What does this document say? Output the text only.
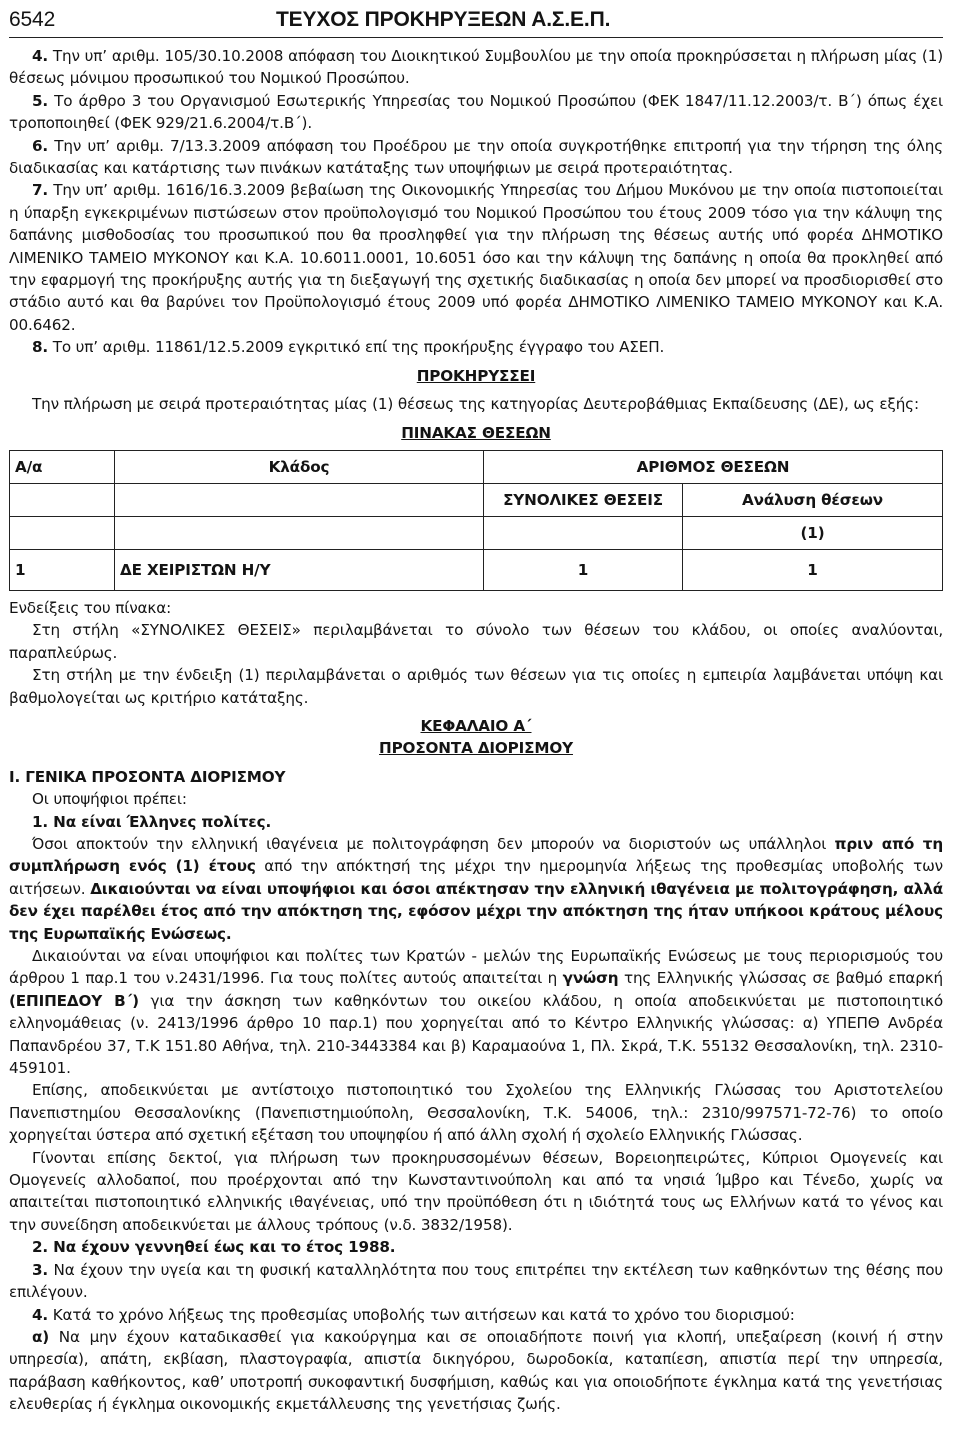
6542	ΤΕΥΧΟΣ ΠΡΟΚΗΡΥΞΕΩΝ Α.Σ.Ε.Π.

4. Την υπ’ αριθμ. 105/30.10.2008 απόφαση του Διοικητικού Συμβουλίου με την οποία προκηρύσσεται η πλήρωση μίας (1) θέσεως μόνιμου προσωπικού του Νομικού Προσώπου.

5. Το άρθρο 3 του Οργανισμού Εσωτερικής Υπηρεσίας του Νομικού Προσώπου (ΦΕΚ 1847/11.12.2003/τ. Β΄) όπως έχει τροποποιηθεί (ΦΕΚ 929/21.6.2004/τ.Β΄).

6. Την υπ’ αριθμ. 7/13.3.2009 απόφαση του Προέδρου με την οποία συγκροτήθηκε επιτροπή για την τήρηση της όλης διαδικασίας και κατάρτισης των πινάκων κατάταξης των υποψήφιων με σειρά προτεραιότητας.

7. Την υπ’ αριθμ. 1616/16.3.2009 βεβαίωση της Οικονομικής Υπηρεσίας του Δήμου Μυκόνου με την οποία πιστοποιείται η ύπαρξη εγκεκριμένων πιστώσεων στον προϋπολογισμό του Νομικού Προσώπου του έτους 2009 τόσο για την κάλυψη της δαπάνης μισθοδοσίας του προσωπικού που θα προσληφθεί για την πλήρωση της θέσεως αυτής υπό φορέα ΔΗΜΟΤΙΚΟ ΛΙΜΕΝΙΚΟ ΤΑΜΕΙΟ ΜΥΚΟΝΟΥ και Κ.Α. 10.6011.0001, 10.6051 όσο και την κάλυψη της δαπάνης η οποία θα προκληθεί από την εφαρμογή της προκήρυξης αυτής για τη διεξαγωγή της σχετικής διαδικασίας η οποία δεν μπορεί να προσδιορισθεί στο στάδιο αυτό και θα βαρύνει τον Προϋπολογισμό έτους 2009 υπό φορέα ΔΗΜΟΤΙΚΟ ΛΙΜΕΝΙΚΟ ΤΑΜΕΙΟ ΜΥΚΟΝΟΥ και Κ.Α. 00.6462.

8. Το υπ’ αριθμ. 11861/12.5.2009 εγκριτικό επί της προκήρυξης έγγραφο του ΑΣΕΠ.

ΠΡΟΚΗΡΥΣΣΕΙ

Την πλήρωση με σειρά προτεραιότητας μίας (1) θέσεως της κατηγορίας Δευτεροβάθμιας Εκπαίδευσης (ΔΕ), ως εξής:

ΠΙΝΑΚΑΣ ΘΕΣΕΩΝ

Α/α	Κλάδος	ΑΡΙΘΜΟΣ ΘΕΣΕΩΝ	
		ΣΥΝΟΛΙΚΕΣ ΘΕΣΕΙΣ	Ανάλυση θέσεων
			(1)
1	ΔΕ ΧΕΙΡΙΣΤΩΝ Η/Υ	1	1

Ενδείξεις του πίνακα:

Στη στήλη «ΣΥΝΟΛΙΚΕΣ ΘΕΣΕΙΣ» περιλαμβάνεται το σύνολο των θέσεων του κλάδου, οι οποίες αναλύονται, παραπλεύρως.

Στη στήλη με την ένδειξη (1) περιλαμβάνεται ο αριθμός των θέσεων για τις οποίες η εμπειρία λαμβάνεται υπόψη και βαθμολογείται ως κριτήριο κατάταξης.

ΚΕΦΑΛΑΙΟ Α΄

ΠΡΟΣΟΝΤΑ ΔΙΟΡΙΣΜΟΥ

Ι. ΓΕΝΙΚΑ ΠΡΟΣΟΝΤΑ ΔΙΟΡΙΣΜΟΥ

Οι υποψήφιοι πρέπει:

1. Να είναι Έλληνες πολίτες.

Όσοι αποκτούν την ελληνική ιθαγένεια με πολιτογράφηση δεν μπορούν να διοριστούν ως υπάλληλοι πριν από τη συμπλήρωση ενός (1) έτους από την απόκτησή της μέχρι την ημερομηνία λήξεως της προθεσμίας υποβολής των αιτήσεων. Δικαιούνται να είναι υποψήφιοι και όσοι απέκτησαν την ελληνική ιθαγένεια με πολιτογράφηση, αλλά δεν έχει παρέλθει έτος από την απόκτηση της, εφόσον μέχρι την απόκτηση της ήταν υπήκοοι κράτους μέλους της Ευρωπαϊκής Ενώσεως.

Δικαιούνται να είναι υποψήφιοι και πολίτες των Κρατών - μελών της Ευρωπαϊκής Ενώσεως με τους περιορισμούς του άρθρου 1 παρ.1 του ν.2431/1996. Για τους πολίτες αυτούς απαιτείται η γνώση της Ελληνικής γλώσσας σε βαθμό επαρκή (ΕΠΙΠΕΔΟΥ Β΄) για την άσκηση των καθηκόντων του οικείου κλάδου, η οποία αποδεικνύεται με πιστοποιητικό ελληνομάθειας (ν. 2413/1996 άρθρο 10 παρ.1) που χορηγείται από το Κέντρο Ελληνικής γλώσσας: α) ΥΠΕΠΘ Ανδρέα Παπανδρέου 37, Τ.Κ 151.80 Αθήνα, τηλ. 210-3443384 και β) Καραμαούνα 1, Πλ. Σκρά, Τ.Κ. 55132 Θεσσαλονίκη, τηλ. 2310- 459101.

Επίσης, αποδεικνύεται με αντίστοιχο πιστοποιητικό του Σχολείου της Ελληνικής Γλώσσας του Αριστοτελείου Πανεπιστημίου Θεσσαλονίκης (Πανεπιστημιούπολη, Θεσσαλονίκη, Τ.Κ. 54006, τηλ.: 2310/997571-72-76) το οποίο χορηγείται ύστερα από σχετική εξέταση του υποψηφίου ή από άλλη σχολή ή σχολείο Ελληνικής Γλώσσας.

Γίνονται επίσης δεκτοί, για πλήρωση των προκηρυσσομένων θέσεων, Βορειοηπειρώτες, Κύπριοι Ομογενείς και Ομογενείς αλλοδαποί, που προέρχονται από την Κωνσταντινούπολη και από τα νησιά Ίμβρο και Τένεδο, χωρίς να απαιτείται πιστοποιητικό ελληνικής ιθαγένειας, υπό την προϋπόθεση ότι η ιδιότητά τους ως Ελλήνων κατά το γένος και την συνείδηση αποδεικνύεται με άλλους τρόπους (ν.δ. 3832/1958).

2. Να έχουν γεννηθεί έως και το έτος 1988.

3. Να έχουν την υγεία και τη φυσική καταλληλότητα που τους επιτρέπει την εκτέλεση των καθηκόντων της θέσης που επιλέγουν.

4. Κατά το χρόνο λήξεως της προθεσμίας υποβολής των αιτήσεων και κατά το χρόνο του διορισμού:

α) Να μην έχουν καταδικασθεί για κακούργημα και σε οποιαδήποτε ποινή για κλοπή, υπεξαίρεση (κοινή ή στην υπηρεσία), απάτη, εκβίαση, πλαστογραφία, απιστία δικηγόρου, δωροδοκία, καταπίεση, απιστία περί την υπηρεσία, παράβαση καθήκοντος, καθ’ υποτροπή συκοφαντική δυσφήμιση, καθώς και για οποιοδήποτε έγκλημα κατά της γενετήσιας ελευθερίας ή έγκλημα οικονομικής εκμετάλλευσης της γενετήσιας ζωής.
